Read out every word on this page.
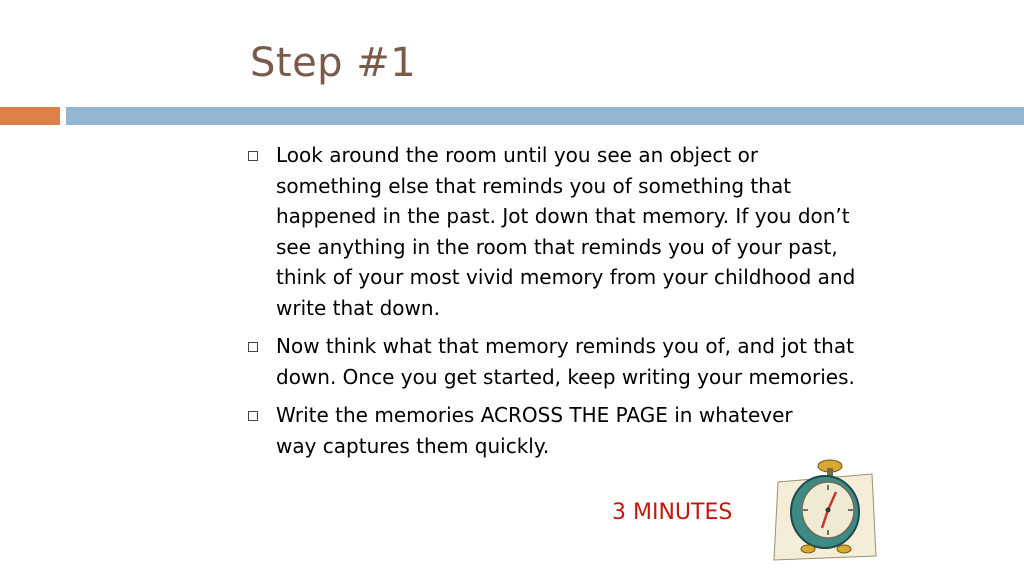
Step #1
Look around the room until you see an object or something else that reminds you of something that happened in the past. Jot down that memory. If you don’t see anything in the room that reminds you of your past, think of your most vivid memory from your childhood and write that down.
Now think what that memory reminds you of, and jot that down. Once you get started, keep writing your memories.
Write the memories ACROSS THE PAGE in whatever way captures them quickly.
3 MINUTES
